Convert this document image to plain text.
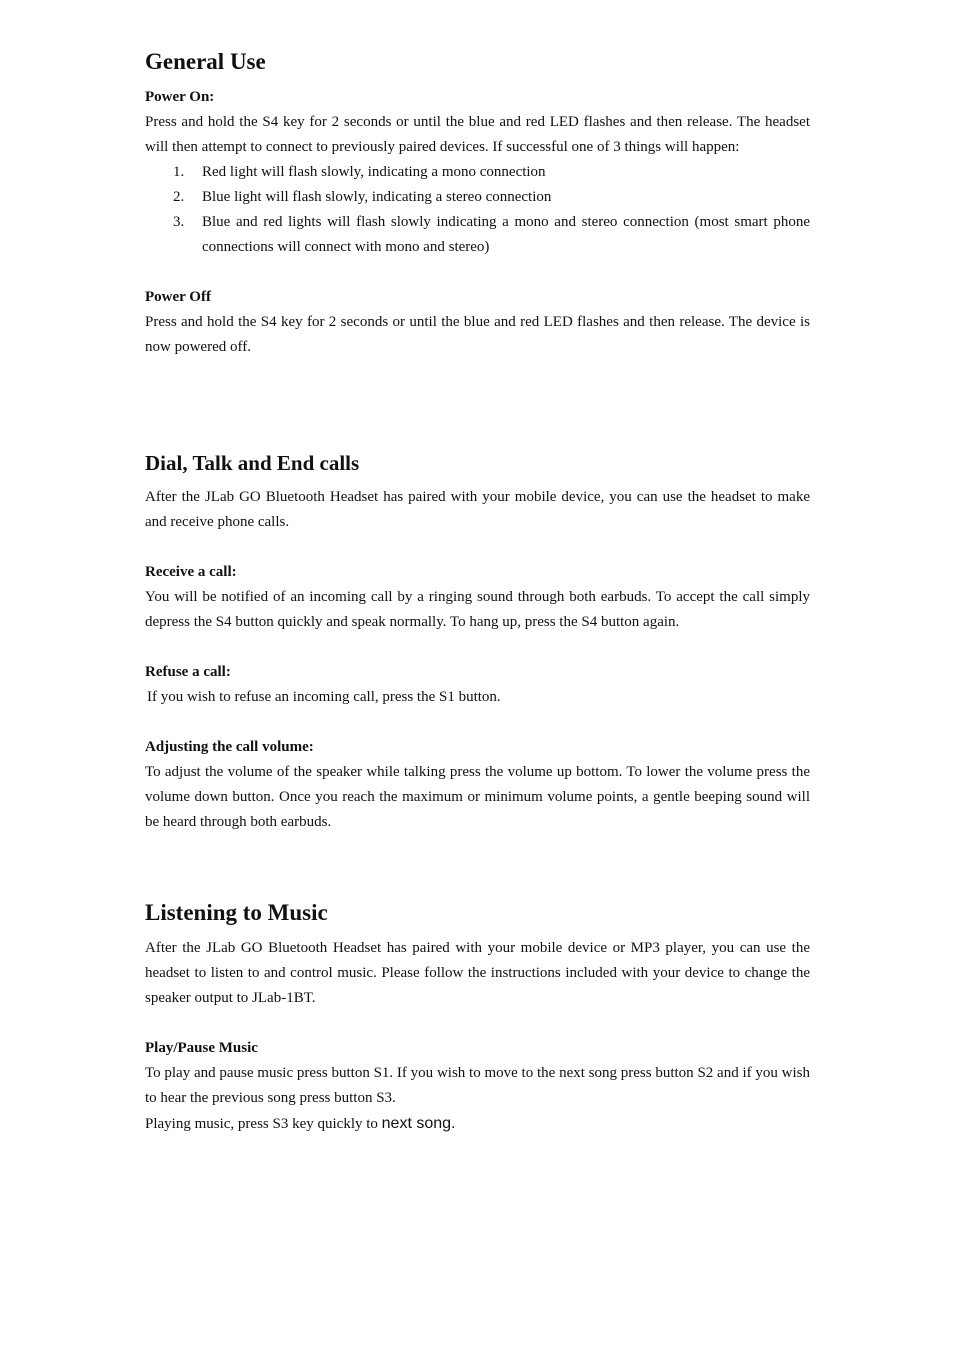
General Use
Power On:

Press and hold the S4 key for 2 seconds or until the blue and red LED flashes and then release. The headset will then attempt to connect to previously paired devices. If successful one of 3 things will happen:

1. Red light will flash slowly, indicating a mono connection
2. Blue light will flash slowly, indicating a stereo connection
3. Blue and red lights will flash slowly indicating a mono and stereo connection (most smart phone connections will connect with mono and stereo)
Power Off

Press and hold the S4 key for 2 seconds or until the blue and red LED flashes and then release. The device is now powered off.

Dial, Talk and End calls

After the JLab GO Bluetooth Headset has paired with your mobile device, you can use the headset to make and receive phone calls.

Receive a call:

You will be notified of an incoming call by a ringing sound through both earbuds. To accept the call simply depress the S4 button quickly and speak normally. To hang up, press the S4 button again.

Refuse a call:

If you wish to refuse an incoming call, press the S1 button.

Adjusting the call volume:

To adjust the volume of the speaker while talking press the volume up bottom. To lower the volume press the volume down button. Once you reach the maximum or minimum volume points, a gentle beeping sound will be heard through both earbuds.

Listening to Music

After the JLab GO Bluetooth Headset has paired with your mobile device or MP3 player, you can use the headset to listen to and control music. Please follow the instructions included with your device to change the speaker output to JLab-1BT.

Play/Pause Music

To play and pause music press button S1. If you wish to move to the next song press button S2 and if you wish to hear the previous song press button S3.

Playing music, press S3 key quickly to next song.
